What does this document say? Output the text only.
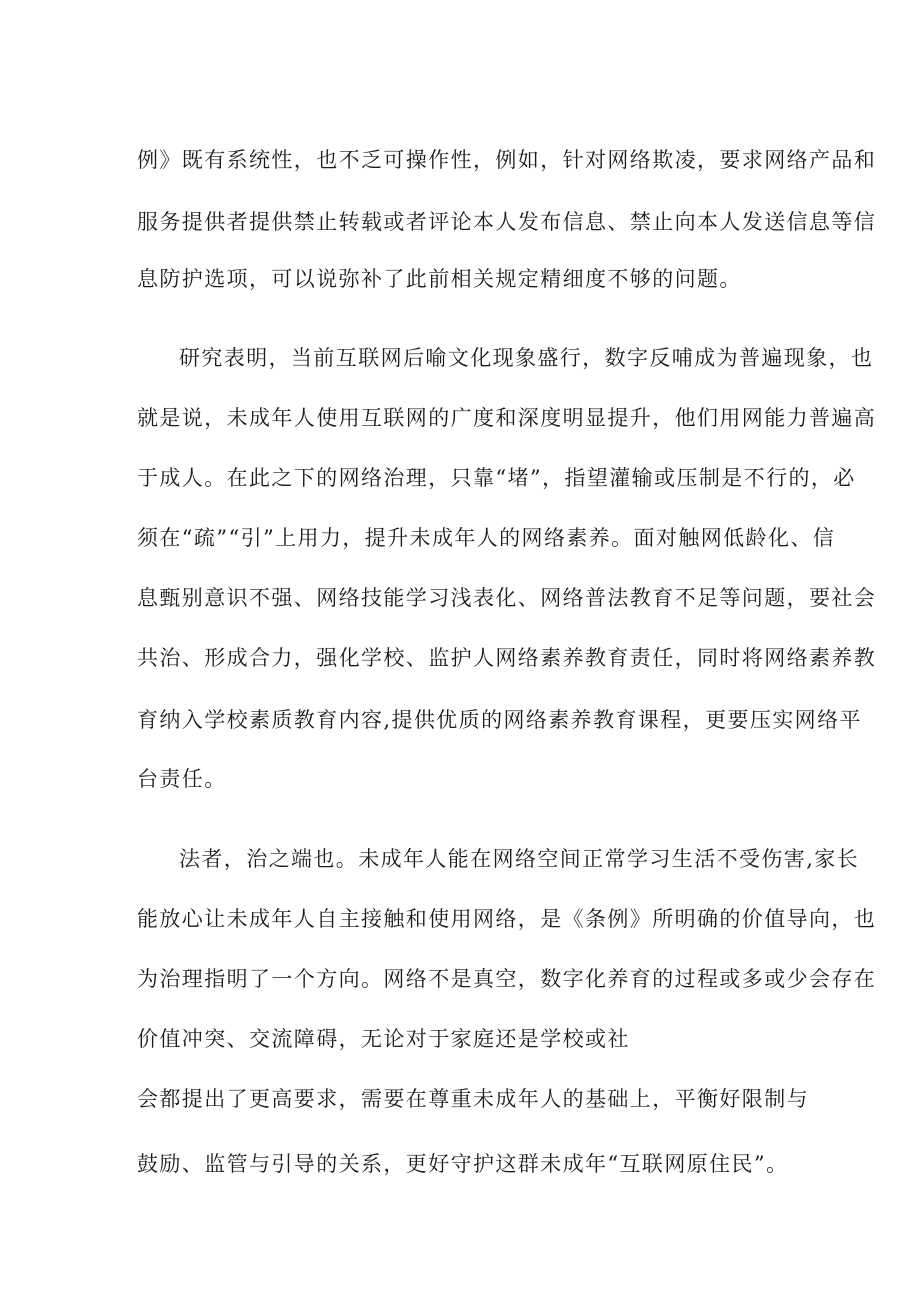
例》既有系统性，也不乏可操作性，例如，针对网络欺凌，要求网络产品和
服务提供者提供禁止转载或者评论本人发布信息、禁止向本人发送信息等信
息防护选项，可以说弥补了此前相关规定精细度不够的问题。
研究表明，当前互联网后喻文化现象盛行，数字反哺成为普遍现象，也
就是说，未成年人使用互联网的广度和深度明显提升，他们用网能力普遍高
于成人。在此之下的网络治理，只靠“堵”，指望灌输或压制是不行的，必
须在“疏”“引”上用力，提升未成年人的网络素养。面对触网低龄化、信
息甄别意识不强、网络技能学习浅表化、网络普法教育不足等问题，要社会
共治、形成合力，强化学校、监护人网络素养教育责任，同时将网络素养教
育纳入学校素质教育内容,提供优质的网络素养教育课程，更要压实网络平
台责任。
法者，治之端也。未成年人能在网络空间正常学习生活不受伤害,家长
能放心让未成年人自主接触和使用网络，是《条例》所明确的价值导向，也
为治理指明了一个方向。网络不是真空，数字化养育的过程或多或少会存在
价值冲突、交流障碍，无论对于家庭还是学校或社
会都提出了更高要求，需要在尊重未成年人的基础上，平衡好限制与
鼓励、监管与引导的关系，更好守护这群未成年“互联网原住民”。
